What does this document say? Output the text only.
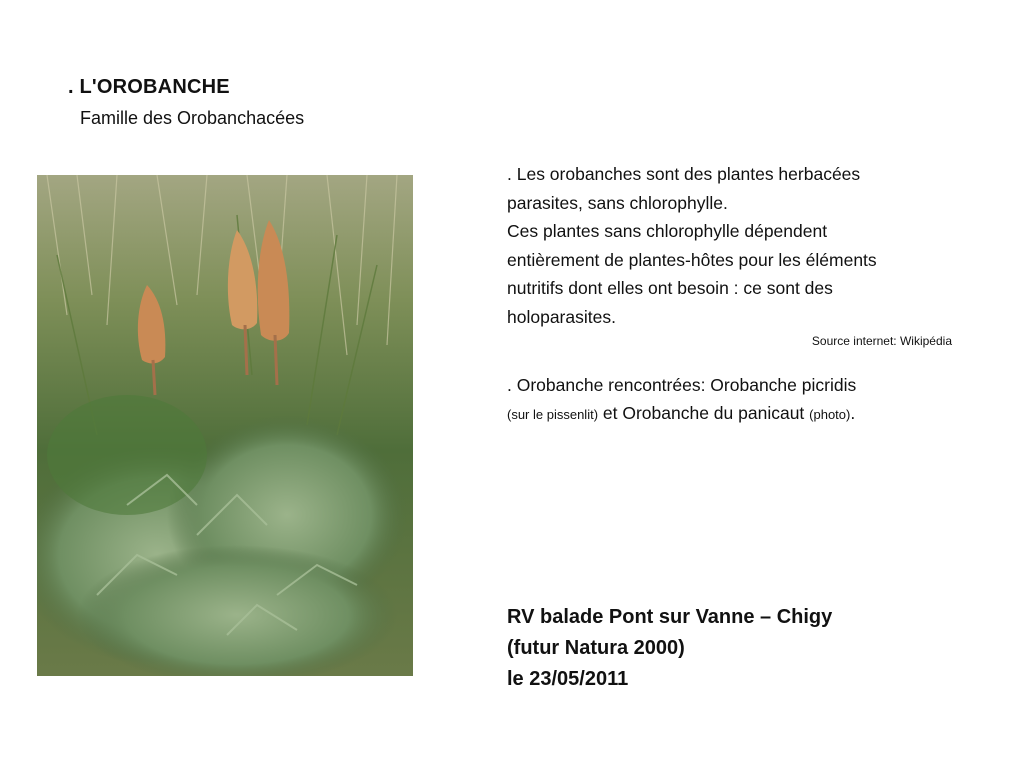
. L'OROBANCHE

Famille des Orobanchacées

. Les orobanches sont des plantes herbacées

parasites, sans chlorophylle.

Ces plantes sans chlorophylle dépendent

entièrement de plantes-hôtes pour les éléments

nutritifs dont elles ont besoin : ce sont des

holoparasites.

Source internet: Wikipédia

. Orobanche rencontrées: Orobanche picridis

(sur le pissenlit) et Orobanche du panicaut (photo).

RV balade Pont sur Vanne – Chigy
(futur Natura 2000)
le 23/05/2011
